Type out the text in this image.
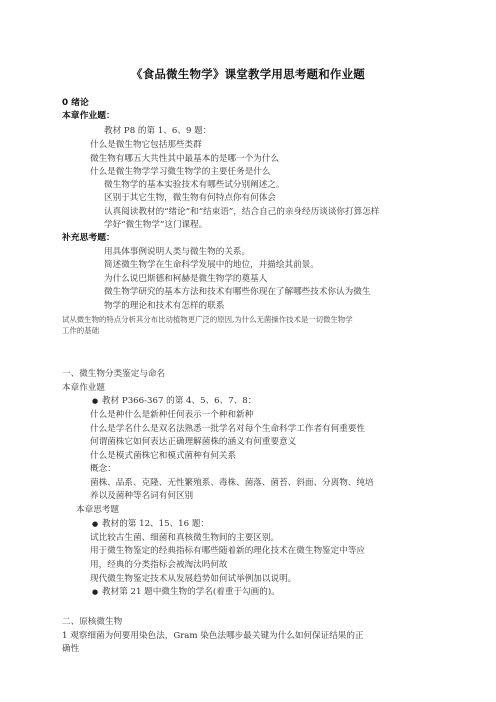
《食品微生物学》课堂教学用思考题和作业题
0 绪论
本章作业题：
教材 P8 的第 1、6、9 题：
什么是微生物它包括那些类群
微生物有哪五大共性其中最基本的是哪一个为什么
什么是微生物学学习微生物学的主要任务是什么
微生物学的基本实验技术有哪些试分别阐述之。
区别于其它生物，微生物有何特点你有何体会
认真阅读教材的“绪论”和“结束语”，结合自己的亲身经历谈谈你打算怎样
学好“微生物学”这门课程。
补充思考题：
用具体事例说明人类与微生物的关系。
简述微生物学在生命科学发展中的地位，并描绘其前景。
为什么说巴斯德和柯赫是微生物学的奠基人
微生物学研究的基本方法和技术有哪些你现在了解哪些技术你认为微生
物学的理论和技术有怎样的联系
试从微生物的特点分析其分布比动植物更广泛的原因,为什么无菌操作技术是一切微生物学
工作的基础
一、微生物分类鉴定与命名
本章作业题
● 教材 P366-367 的第 4、5、6、7、8：
什么是种什么是新种任何表示一个种和新种
什么是学名什么是双名法熟悉一批学名对每个生命科学工作者有何重要性
何谓菌株它如何表达正确理解菌株的涵义有何重要意义
什么是模式菌株它和模式菌种有何关系
概念：
菌株、品系、克隆、无性繁殖系、毒株、菌落、菌苔、斜面、分离物、纯培
养以及菌种等名词有何区别
本章思考题
● 教材的第 12、15、16 题：
试比较古生菌、细菌和真核微生物间的主要区别。
用于微生物鉴定的经典指标有哪些随着新的理化技术在微生物鉴定中等应
用，经典的分类指标会被淘汰吗何故
现代微生物鉴定技术从发展趋势如何试举例加以说明。
● 教材第 21 题中微生物的学名(着重于勾画的)。
二、原核微生物
1 观察细菌为何要用染色法，Gram 染色法哪步最关键为什么如何保证结果的正
确性
